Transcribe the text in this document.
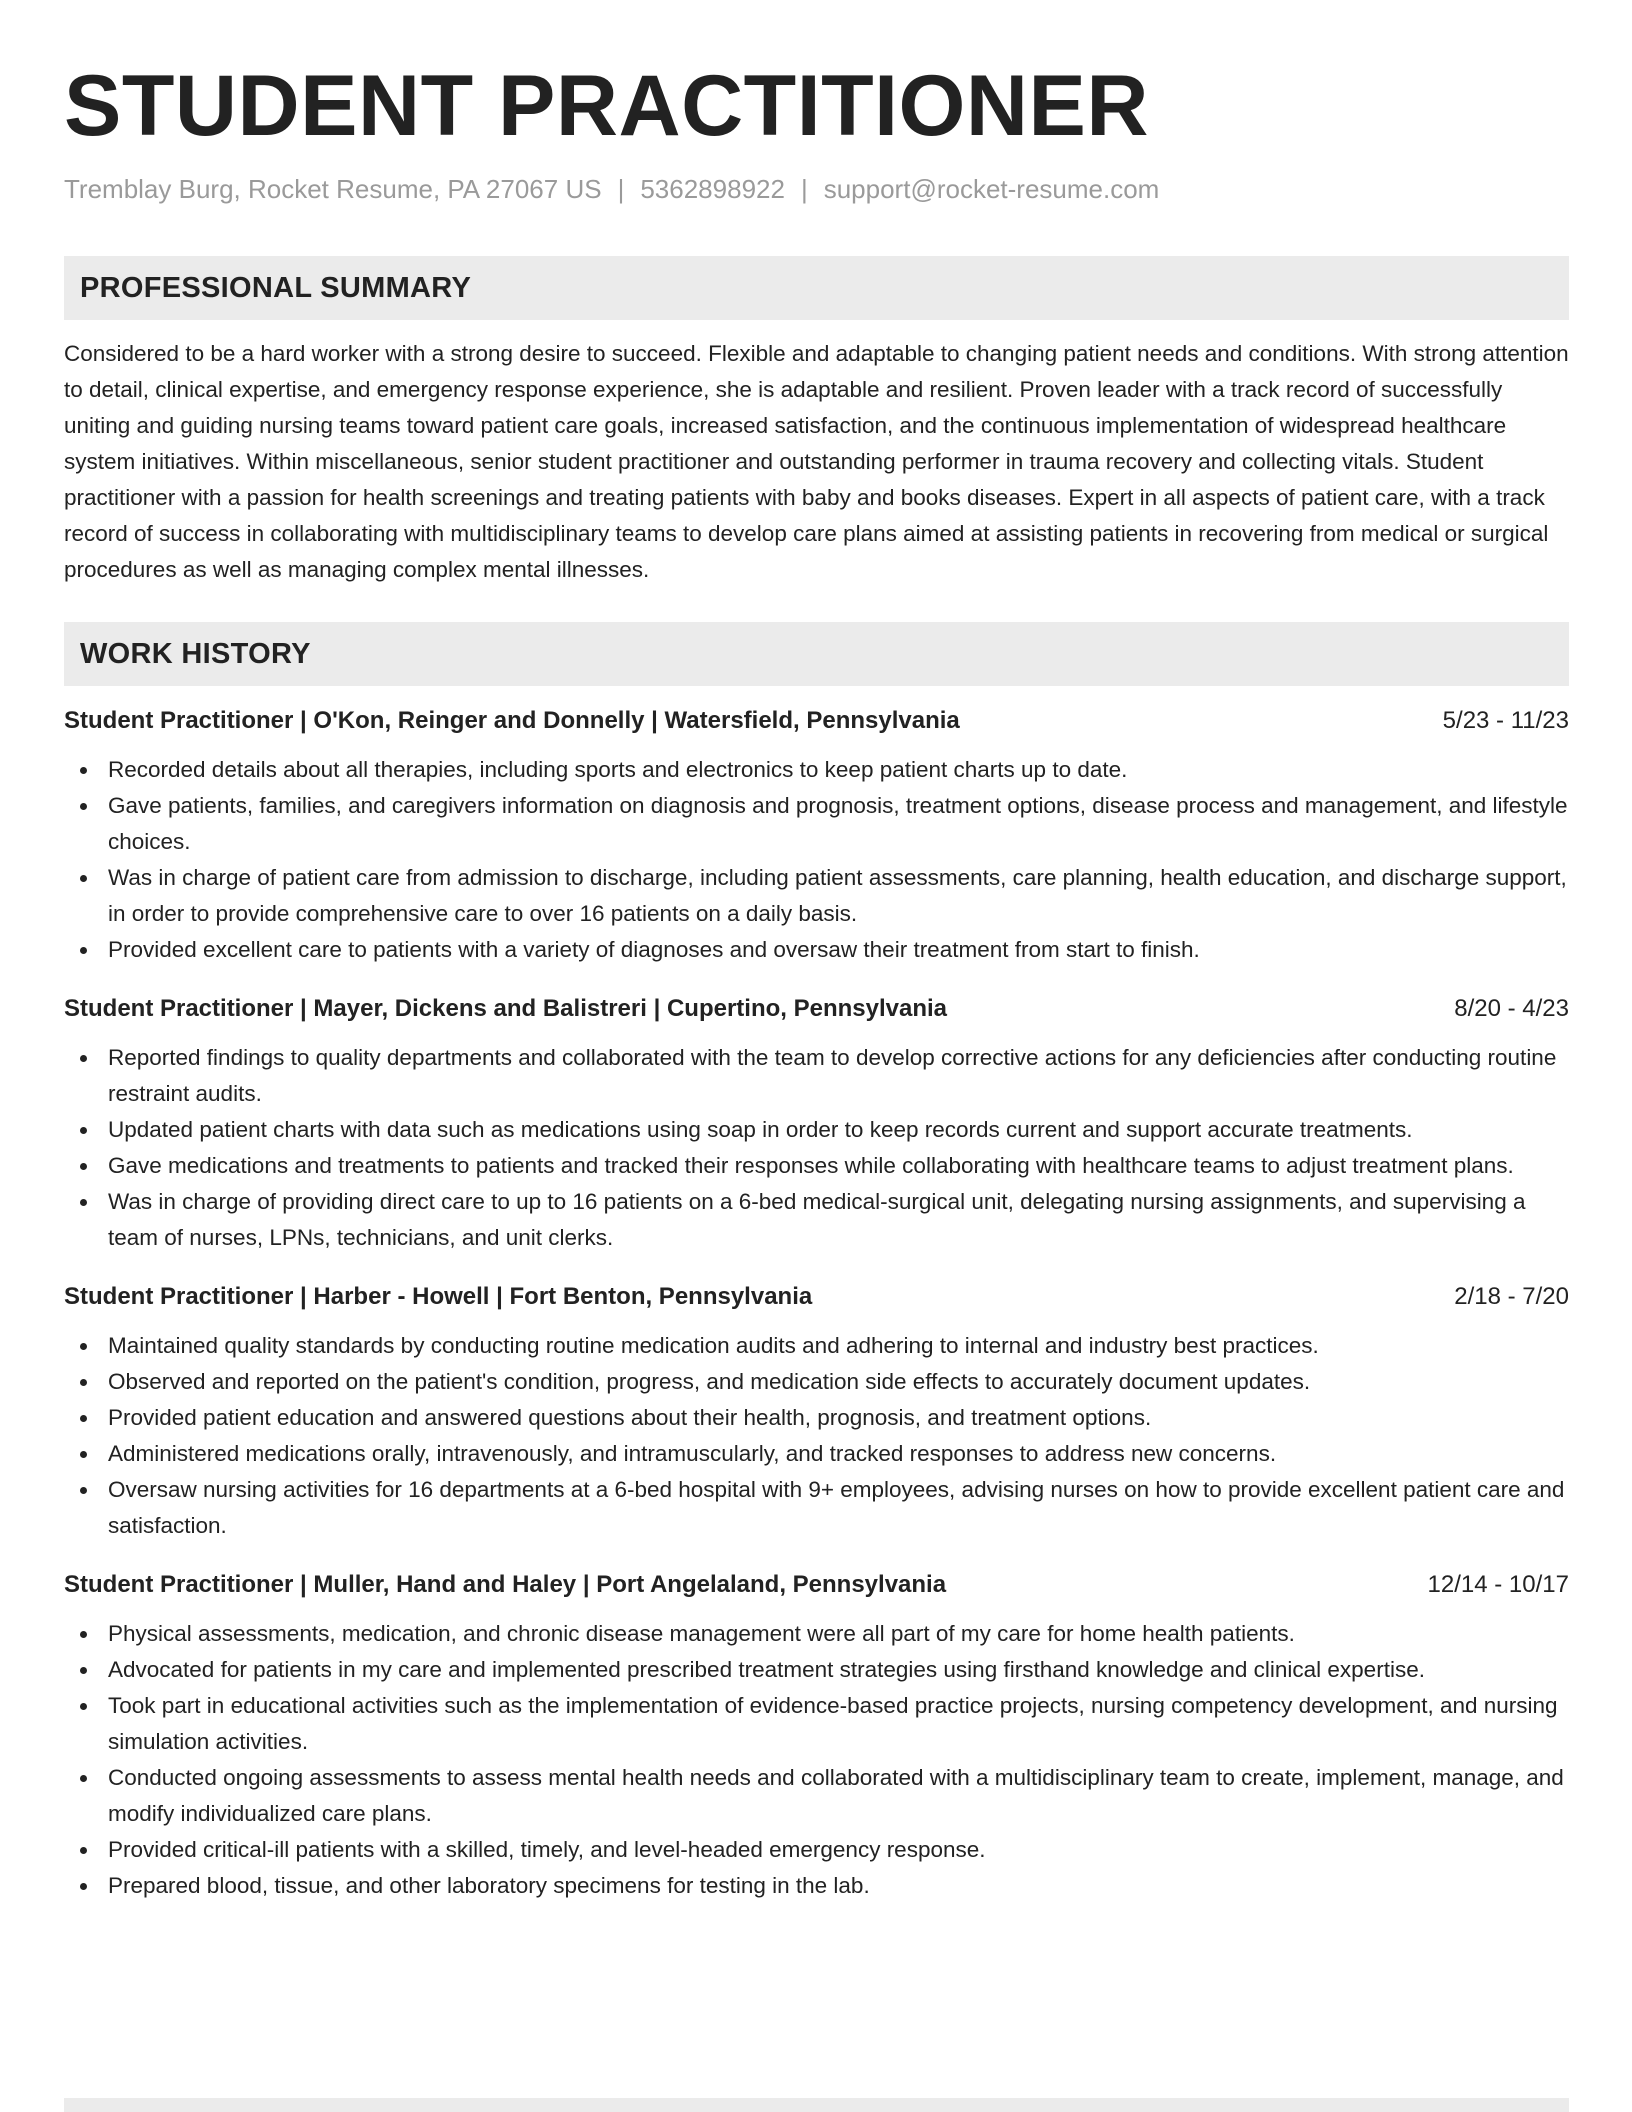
STUDENT PRACTITIONER
Tremblay Burg, Rocket Resume, PA 27067 US | 5362898922 | support@rocket-resume.com
PROFESSIONAL SUMMARY

Considered to be a hard worker with a strong desire to succeed. Flexible and adaptable to changing patient needs and conditions. With strong attention to detail, clinical expertise, and emergency response experience, she is adaptable and resilient. Proven leader with a track record of successfully uniting and guiding nursing teams toward patient care goals, increased satisfaction, and the continuous implementation of widespread healthcare system initiatives. Within miscellaneous, senior student practitioner and outstanding performer in trauma recovery and collecting vitals. Student practitioner with a passion for health screenings and treating patients with baby and books diseases. Expert in all aspects of patient care, with a track record of success in collaborating with multidisciplinary teams to develop care plans aimed at assisting patients in recovering from medical or surgical procedures as well as managing complex mental illnesses.

WORK HISTORY
Student Practitioner | O'Kon, Reinger and Donnelly | Watersfield, Pennsylvania	5/23 - 11/23
Recorded details about all therapies, including sports and electronics to keep patient charts up to date.
Gave patients, families, and caregivers information on diagnosis and prognosis, treatment options, disease process and management, and lifestyle choices.
Was in charge of patient care from admission to discharge, including patient assessments, care planning, health education, and discharge support, in order to provide comprehensive care to over 16 patients on a daily basis.
Provided excellent care to patients with a variety of diagnoses and oversaw their treatment from start to finish.
Student Practitioner | Mayer, Dickens and Balistreri | Cupertino, Pennsylvania	8/20 - 4/23
Reported findings to quality departments and collaborated with the team to develop corrective actions for any deficiencies after conducting routine restraint audits.
Updated patient charts with data such as medications using soap in order to keep records current and support accurate treatments.
Gave medications and treatments to patients and tracked their responses while collaborating with healthcare teams to adjust treatment plans.
Was in charge of providing direct care to up to 16 patients on a 6-bed medical-surgical unit, delegating nursing assignments, and supervising a team of nurses, LPNs, technicians, and unit clerks.
Student Practitioner | Harber - Howell | Fort Benton, Pennsylvania	2/18 - 7/20
Maintained quality standards by conducting routine medication audits and adhering to internal and industry best practices.
Observed and reported on the patient's condition, progress, and medication side effects to accurately document updates.
Provided patient education and answered questions about their health, prognosis, and treatment options.
Administered medications orally, intravenously, and intramuscularly, and tracked responses to address new concerns.
Oversaw nursing activities for 16 departments at a 6-bed hospital with 9+ employees, advising nurses on how to provide excellent patient care and satisfaction.
Student Practitioner | Muller, Hand and Haley | Port Angelaland, Pennsylvania	12/14 - 10/17
Physical assessments, medication, and chronic disease management were all part of my care for home health patients.
Advocated for patients in my care and implemented prescribed treatment strategies using firsthand knowledge and clinical expertise.
Took part in educational activities such as the implementation of evidence-based practice projects, nursing competency development, and nursing simulation activities.
Conducted ongoing assessments to assess mental health needs and collaborated with a multidisciplinary team to create, implement, manage, and modify individualized care plans.
Provided critical-ill patients with a skilled, timely, and level-headed emergency response.
Prepared blood, tissue, and other laboratory specimens for testing in the lab.
